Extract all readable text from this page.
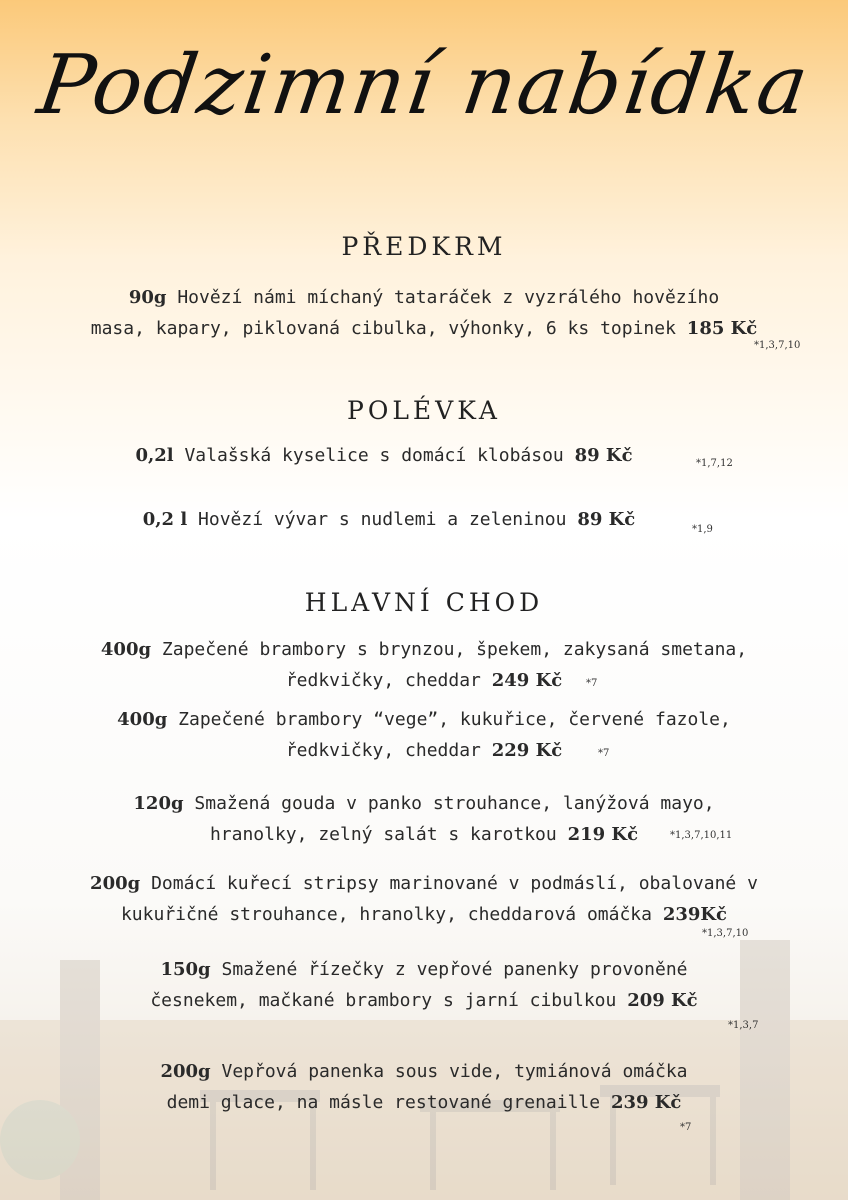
Podzimní nabídka
PŘEDKRM
90g Hovězí námi míchaný tataráček z vyzrálého hovězího
masa, kapary, piklovaná cibulka, výhonky, 6 ks topinek 185 Kč
*1,3,7,10
POLÉVKA
0,2l Valašská kyselice s domácí klobásou 89 Kč	*1,7,12
0,2 l Hovězí vývar s nudlemi a zeleninou 89 Kč	*1,9
HLAVNÍ CHOD
400g Zapečené brambory s brynzou, špekem, zakysaná smetana,
ředkvičky, cheddar 249 Kč	*7
400g Zapečené brambory “vege”, kukuřice, červené fazole,
ředkvičky, cheddar 229 Kč	*7
120g Smažená gouda v panko strouhance, lanýžová mayo,
hranolky, zelný salát s karotkou 219 Kč	*1,3,7,10,11
200g Domácí kuřecí stripsy marinované v podmáslí, obalované v
kukuřičné strouhance, hranolky, cheddarová omáčka 239Kč
*1,3,7,10
150g Smažené řízečky z vepřové panenky provoněné
česnekem, mačkané brambory s jarní cibulkou 209 Kč
*1,3,7
200g Vepřová panenka sous vide, tymiánová omáčka
demi glace, na másle restované grenaille 239 Kč
*7
